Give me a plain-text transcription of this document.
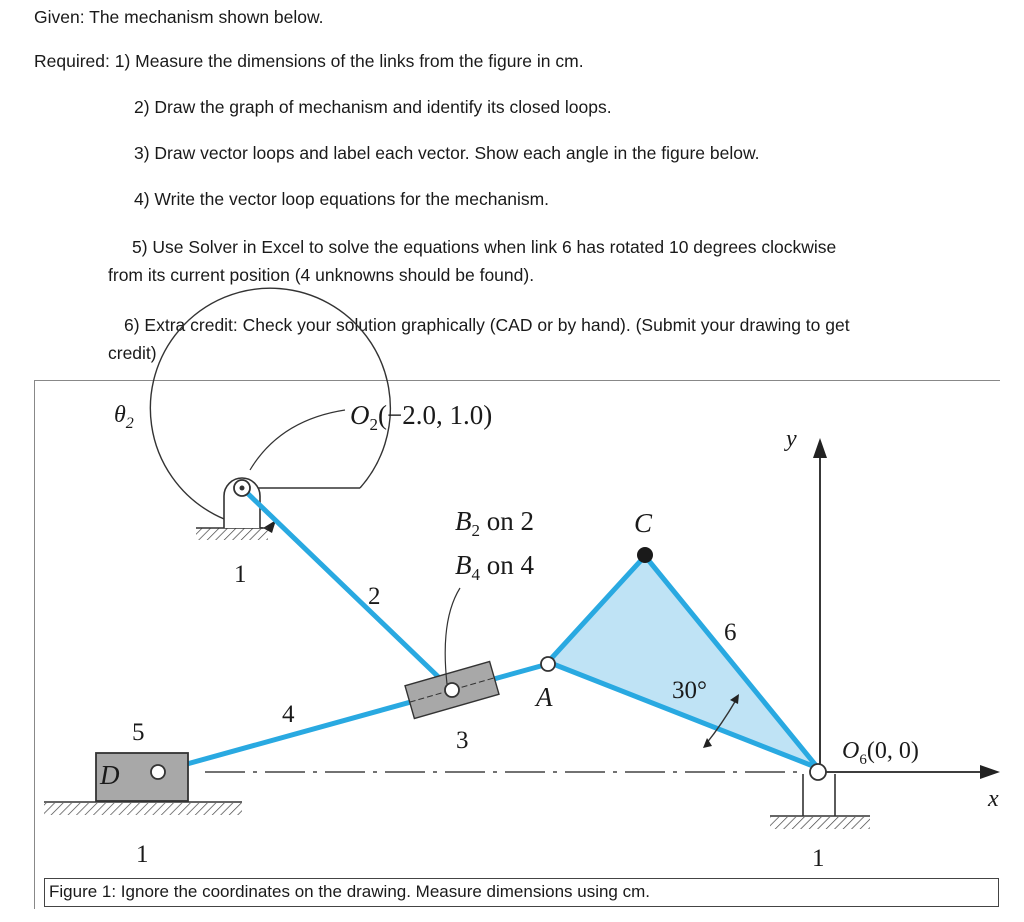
Given: The mechanism shown below.
Required: 1) Measure the dimensions of the links from the figure in cm.
2) Draw the graph of mechanism and identify its closed loops.
3) Draw vector loops and label each vector. Show each angle in the figure below.
4) Write the vector loop equations for the mechanism.
5) Use Solver in Excel to solve the equations when link 6 has rotated 10 degrees clockwise
from its current position (4 unknowns should be found).
6) Extra credit: Check your solution graphically (CAD or by hand). (Submit your drawing to get
credit)
$\theta_2$	$O_2(-2.0$, 1.0)
$B_2$ on 2
$B_4$ on 4
C
A
D
y
x
$O_6(0$, 0)
30°
1
1	1
2
3
4
5
6
Figure 1: Ignore the coordinates on the drawing. Measure dimensions using cm.
